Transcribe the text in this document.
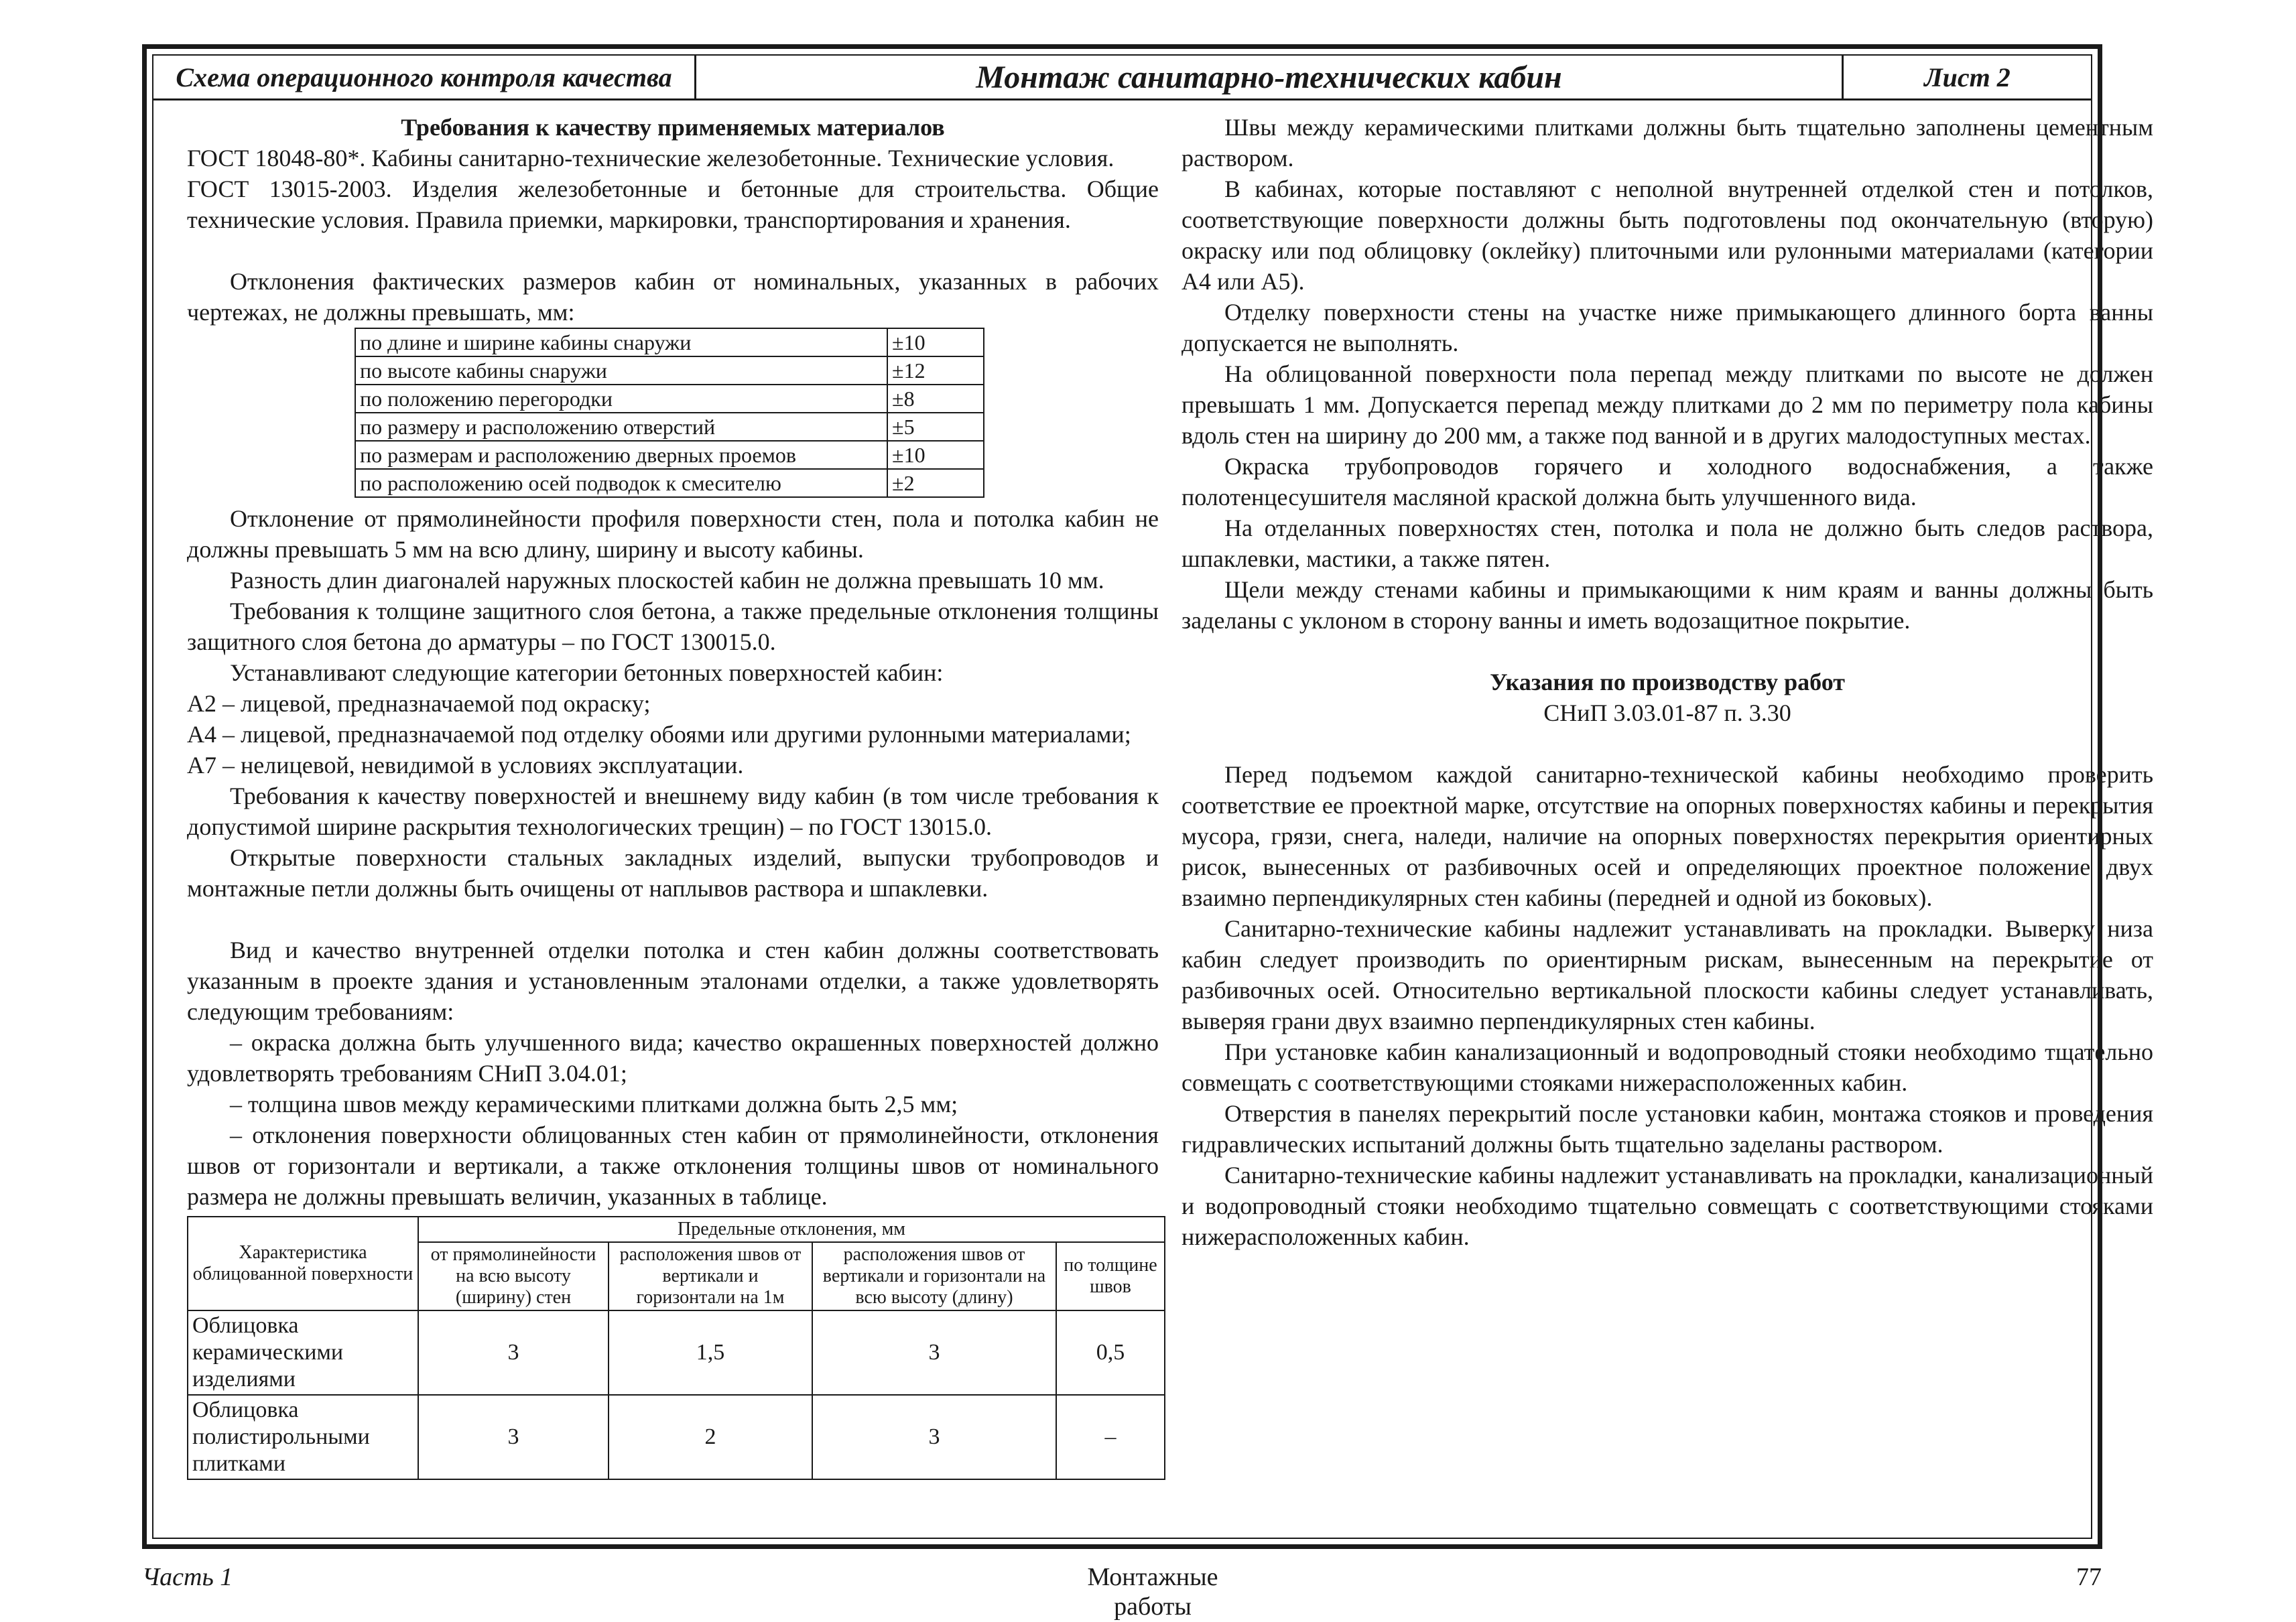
Схема операционного контроля качества	Монтаж санитарно-технических кабин	Лист 2
Требования к качеству применяемых материалов

ГОСТ 18048-80*. Кабины санитарно-технические железобетонные. Технические условия.

ГОСТ 13015-2003. Изделия железобетонные и бетонные для строительства. Общие технические условия. Правила приемки, маркировки, транспортирования и хранения.

Отклонения фактических размеров кабин от номинальных, указанных в рабочих чертежах, не должны превышать, мм:

по длине и ширине кабины снаружи	±10
по высоте кабины снаружи	±12
по положению перегородки	±8
по размеру и расположению отверстий	±5
по размерам и расположению дверных проемов	±10
по расположению осей подводок к смесителю	±2

Отклонение от прямолинейности профиля поверхности стен, пола и потолка кабин не должны превышать 5 мм на всю длину, ширину и высоту кабины.

Разность длин диагоналей наружных плоскостей кабин не должна превышать 10 мм.

Требования к толщине защитного слоя бетона, а также предельные отклонения толщины защитного слоя бетона до арматуры – по ГОСТ 130015.0.

Устанавливают следующие категории бетонных поверхностей кабин:

А2 – лицевой, предназначаемой под окраску;

А4 – лицевой, предназначаемой под отделку обоями или другими рулонными материалами;

А7 – нелицевой, невидимой в условиях эксплуатации.

Требования к качеству поверхностей и внешнему виду кабин (в том числе требования к допустимой ширине раскрытия технологических трещин) – по ГОСТ 13015.0.

Открытые поверхности стальных закладных изделий, выпуски трубопроводов и монтажные петли должны быть очищены от наплывов раствора и шпаклевки.

Вид и качество внутренней отделки потолка и стен кабин должны соответствовать указанным в проекте здания и установленным эталонами отделки, а также удовлетворять следующим требованиям:

– окраска должна быть улучшенного вида; качество окрашенных поверхностей должно удовлетворять требованиям СНиП 3.04.01;

– толщина швов между керамическими плитками должна быть 2,5 мм;

– отклонения поверхности облицованных стен кабин от прямолинейности, отклонения швов от горизонтали и вертикали, а также отклонения толщины швов от номинального размера не должны превышать величин, указанных в таблице.

Характеристика облицованной поверхности	Предельные отклонения, мм			
	от прямолинейности на всю высоту (ширину) стен	расположения швов от вертикали и горизонтали на 1м	расположения швов от вертикали и горизонтали на всю высоту (длину)	по толщине швов
Облицовка керамическими изделиями	3	1,5	3	0,5
Облицовка полистирольными плитками	3	2	3	–

Швы между керамическими плитками должны быть тщательно заполнены цементным раствором.

В кабинах, которые поставляют с неполной внутренней отделкой стен и потолков, соответствующие поверхности должны быть подготовлены под окончательную (вторую) окраску или под облицовку (оклейку) плиточными или рулонными материалами (категории А4 или А5).

Отделку поверхности стены на участке ниже примыкающего длинного борта ванны допускается не выполнять.

На облицованной поверхности пола перепад между плитками по высоте не должен превышать 1 мм. Допускается перепад между плитками до 2 мм по периметру пола кабины вдоль стен на ширину до 200 мм, а также под ванной и в других малодоступных местах.

Окраска трубопроводов горячего и холодного водоснабжения, а также полотенцесушителя масляной краской должна быть улучшенного вида.

На отделанных поверхностях стен, потолка и пола не должно быть следов раствора, шпаклевки, мастики, а также пятен.

Щели между стенами кабины и примыкающими к ним краям и ванны должны быть заделаны с уклоном в сторону ванны и иметь водозащитное покрытие.

Указания по производству работ

СНиП 3.03.01-87 п. 3.30

Перед подъемом каждой санитарно-технической кабины необходимо проверить соответствие ее проектной марке, отсутствие на опорных поверхностях кабины и перекрытия мусора, грязи, снега, наледи, наличие на опорных поверхностях перекрытия ориентирных рисок, вынесенных от разбивочных осей и определяющих проектное положение двух взаимно перпендикулярных стен кабины (передней и одной из боковых).

Санитарно-технические кабины надлежит устанавливать на прокладки. Выверку низа кабин следует производить по ориентирным рискам, вынесенным на перекрытие от разбивочных осей. Относительно вертикальной плоскости кабины следует устанавливать, выверяя грани двух взаимно перпендикулярных стен кабины.

При установке кабин канализационный и водопроводный стояки необходимо тщательно совмещать с соответствующими стояками нижерасположенных кабин.

Отверстия в панелях перекрытий после установки кабин, монтажа стояков и проведения гидравлических испытаний должны быть тщательно заделаны раствором.

Санитарно-технические кабины надлежит устанавливать на прокладки, канализационный и водопроводный стояки необходимо тщательно совмещать с соответствующими стояками нижерасположенных кабин.

Часть 1	Монтажные работы
77
